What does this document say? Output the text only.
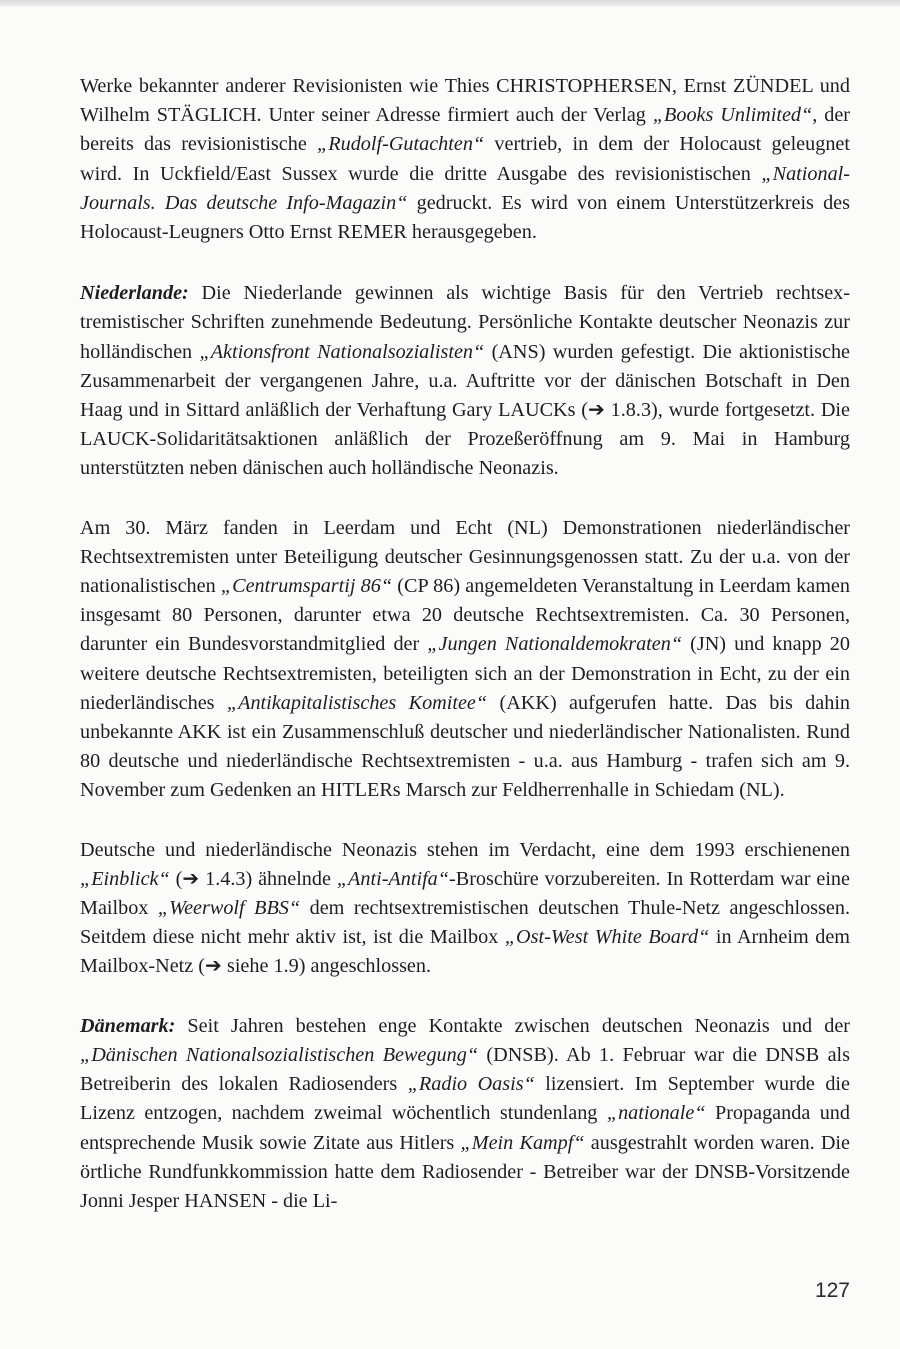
Werke bekannter anderer Revisionisten wie Thies CHRISTOPHERSEN, Ernst ZÜNDEL und Wilhelm STÄGLICH. Unter seiner Adresse firmiert auch der Verlag „Books Unlimited“, der bereits das revisionistische „Rudolf-Gutachten“ vertrieb, in dem der Holocaust geleugnet wird. In Uckfield/East Sussex wurde die dritte Ausgabe des revisionistischen „National-Journals. Das deutsche Info-Magazin“ gedruckt. Es wird von einem Unterstützerkreis des Holocaust-Leugners Otto Ernst REMER herausgegeben.

Niederlande: Die Niederlande gewinnen als wichtige Basis für den Vertrieb rechtsextremistischer Schriften zunehmende Bedeutung. Persönliche Kontakte deutscher Neonazis zur holländischen „Aktionsfront Nationalsozialisten“ (ANS) wurden gefestigt. Die aktionistische Zusammenarbeit der vergangenen Jahre, u.a. Auftritte vor der dänischen Botschaft in Den Haag und in Sittard anläßlich der Verhaftung Gary LAUCKs (➔ 1.8.3), wurde fortgesetzt. Die LAUCK-Solidaritätsaktionen anläßlich der Prozeßeröffnung am 9. Mai in Hamburg unterstützten neben dänischen auch holländische Neonazis.

Am 30. März fanden in Leerdam und Echt (NL) Demonstrationen niederländischer Rechtsextremisten unter Beteiligung deutscher Gesinnungsgenossen statt. Zu der u.a. von der nationalistischen „Centrumspartij 86“ (CP 86) angemeldeten Veranstaltung in Leerdam kamen insgesamt 80 Personen, darunter etwa 20 deutsche Rechtsextremisten. Ca. 30 Personen, darunter ein Bundesvorstandmitglied der „Jungen Nationaldemokraten“ (JN) und knapp 20 weitere deutsche Rechtsextremisten, beteiligten sich an der Demonstration in Echt, zu der ein niederländisches „Antikapitalistisches Komitee“ (AKK) aufgerufen hatte. Das bis dahin unbekannte AKK ist ein Zusammenschluß deutscher und niederländischer Nationalisten. Rund 80 deutsche und niederländische Rechtsextremisten - u.a. aus Hamburg - trafen sich am 9. November zum Gedenken an HITLERs Marsch zur Feldherrenhalle in Schiedam (NL).

Deutsche und niederländische Neonazis stehen im Verdacht, eine dem 1993 erschienenen „Einblick“ (➔ 1.4.3) ähnelnde „Anti-Antifa“-Broschüre vorzubereiten. In Rotterdam war eine Mailbox „Weerwolf BBS“ dem rechtsextremistischen deutschen Thule-Netz angeschlossen. Seitdem diese nicht mehr aktiv ist, ist die Mailbox „Ost-West White Board“ in Arnheim dem Mailbox-Netz (➔ siehe 1.9) angeschlossen.

Dänemark: Seit Jahren bestehen enge Kontakte zwischen deutschen Neonazis und der „Dänischen Nationalsozialistischen Bewegung“ (DNSB). Ab 1. Februar war die DNSB als Betreiberin des lokalen Radiosenders „Radio Oasis“ lizensiert. Im September wurde die Lizenz entzogen, nachdem zweimal wöchentlich stundenlang „nationale“ Propaganda und entsprechende Musik sowie Zitate aus Hitlers „Mein Kampf“ ausgestrahlt worden waren. Die örtliche Rundfunkkommission hatte dem Radiosender - Betreiber war der DNSB-Vorsitzende Jonni Jesper HANSEN - die Li-

127
